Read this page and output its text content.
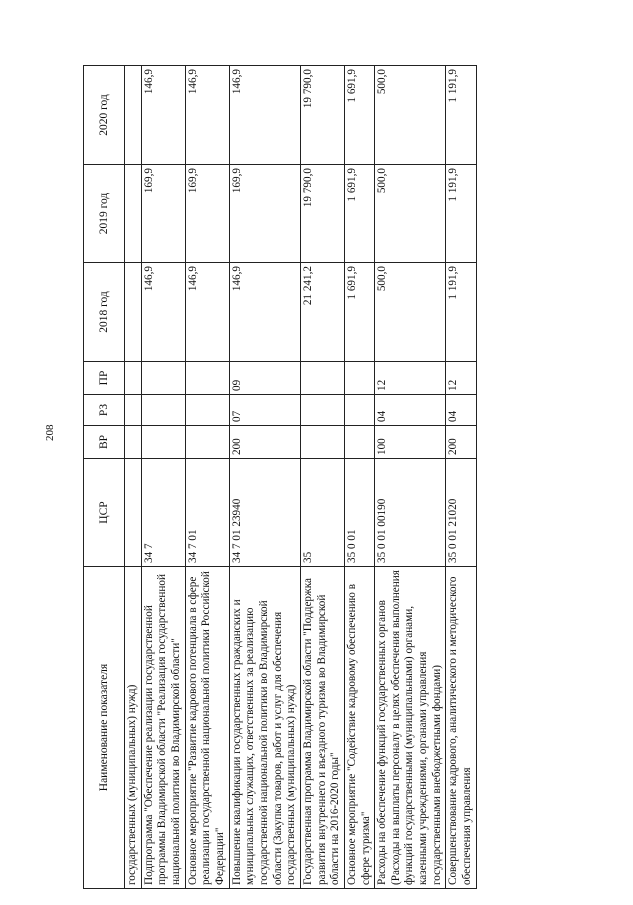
208
Наименование показателя	ЦСР	ВР	РЗ	ПР	2018 год	2019 год	2020 год
государственных (муниципальных) нужд)							
Подпрограмма "Обеспечение реализации государственной программы Владимирской области "Реализация государственной национальной политики во Владимирской области"	34 7				146,9	169,9	146,9
Основное мероприятие "Развитие кадрового потенциала в сфере реализации государственной национальной политики Российской Федерации"	34 7 01				146,9	169,9	146,9
Повышение квалификации государственных гражданских и муниципальных служащих, ответственных за реализацию государственной национальной политики во Владимирской области (Закупка товаров, работ и услуг для обеспечения государственных (муниципальных) нужд)	34 7 01 23940	200	07	09	146,9	169,9	146,9
Государственная программа Владимирской области "Поддержка развития внутреннего и въездного туризма во Владимирской области на 2016-2020 годы"	35				21 241,2	19 790,0	19 790,0
Основное мероприятие "Содействие кадровому обеспечению в сфере туризма"	35 0 01				1 691,9	1 691,9	1 691,9
Расходы на обеспечение функций государственных органов (Расходы на выплаты персоналу в целях обеспечения выполнения функций государственными (муниципальными) органами, казенными учреждениями, органами управления государственными внебюджетными фондами)	35 0 01 00190	100	04	12	500,0	500,0	500,0
Совершенствование кадрового, аналитического и методического обеспечения управления	35 0 01 21020	200	04	12	1 191,9	1 191,9	1 191,9
